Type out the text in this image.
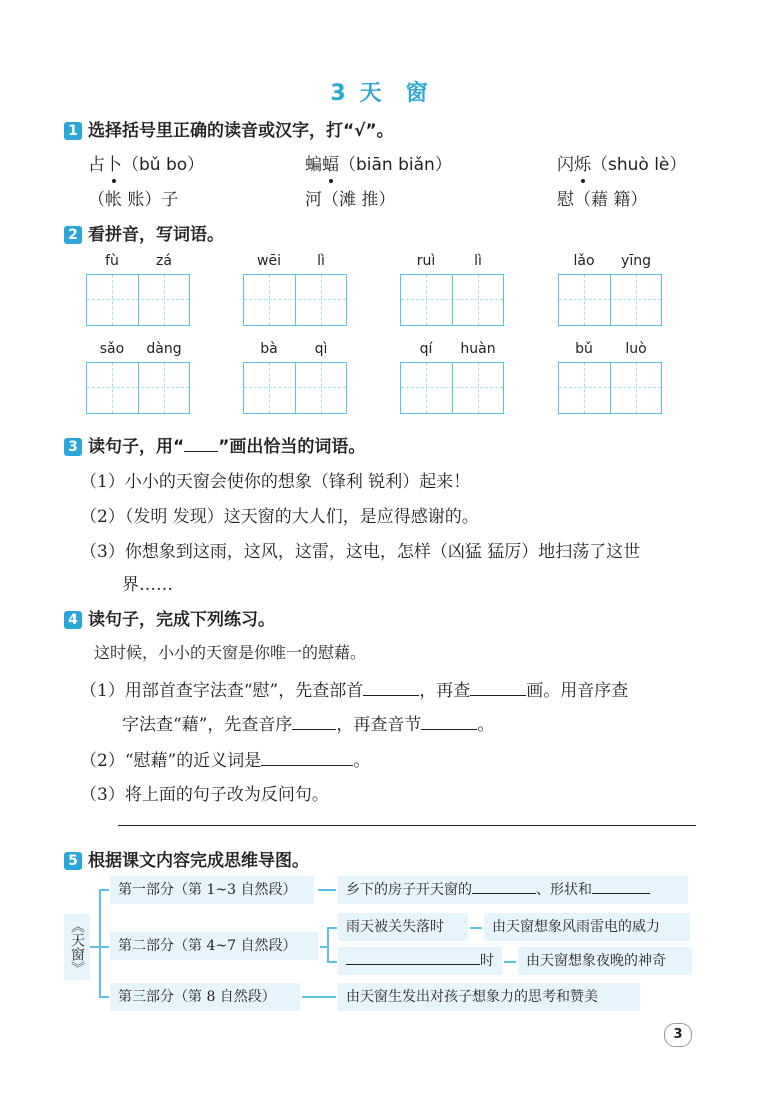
3 天 窗
1 选择括号里正确的读音或汉字，打“√”。
占卜（bǔ bo）	蝙蝠（biān biǎn）	闪烁（shuò lè）
（帐 账）子	河（滩 推）	慰（藉 籍）
2 看拼音，写词语。
fù	zá	wēi	lì	ruì	lì	lǎo	yīng
sǎo	dàng	bà	qì	qí	huàn	bǔ	luò
3 读句子，用“ ”画出恰当的词语。
（1）小小的天窗会使你的想象（锋利 锐利）起来！
（2）（发明 发现）这天窗的大人们，是应得感谢的。
（3）你想象到这雨，这风，这雷，这电，怎样（凶猛 猛厉）地扫荡了这世
界……
4 读句子，完成下列练习。
这时候，小小的天窗是你唯一的慰藉。
（1）用部首查字法查“慰”，先查部首	，再查	画。用音序查
字法查“藉”，先查音序	，再查音节	。
（2）“慰藉”的近义词是	。
（3）将上面的句子改为反问句。
5 根据课文内容完成思维导图。
《天窗》
第一部分（第 1~3 自然段）
第二部分（第 4~7 自然段）
第三部分（第 8 自然段）
乡下的房子开天窗的	、形状和
雨天被关失落时	由天窗想象风雨雷电的威力
时	由天窗想象夜晚的神奇
由天窗生发出对孩子想象力的思考和赞美
3
